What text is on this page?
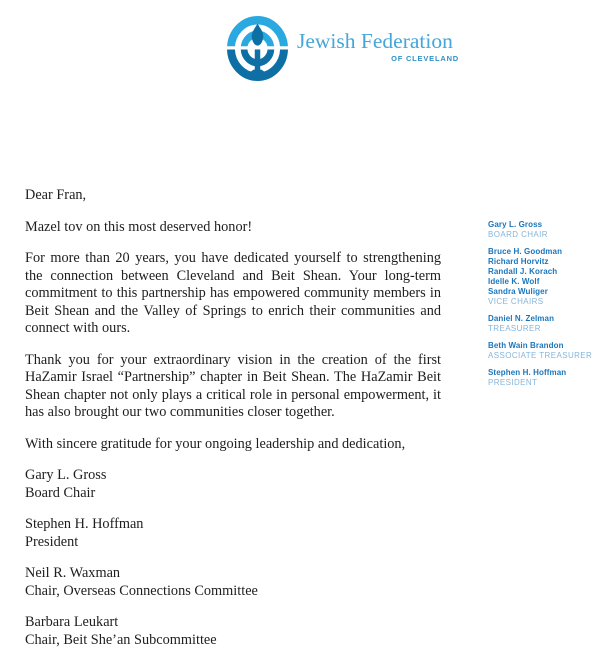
Jewish Federation
OF CLEVELAND

Dear Fran,

Mazel tov on this most deserved honor!

For more than 20 years, you have dedicated yourself to strengthening the connection between Cleveland and Beit Shean. Your long-term commitment to this partnership has empowered community members in Beit Shean and the Valley of Springs to enrich their communities and connect with ours.

Thank you for your extraordinary vision in the creation of the first HaZamir Israel “Partnership” chapter in Beit Shean. The HaZamir Beit Shean chapter not only plays a critical role in personal empowerment, it has also brought our two communities closer together.

With sincere gratitude for your ongoing leadership and dedication,

Gary L. Gross
Board Chair

Stephen H. Hoffman
President

Neil R. Waxman
Chair, Overseas Connections Committee

Barbara Leukart
Chair, Beit She’an Subcommittee

Gary L. Gross
BOARD CHAIR
Bruce H. Goodman
Richard Horvitz
Randall J. Korach
Idelle K. Wolf
Sandra Wuliger
VICE CHAIRS
Daniel N. Zelman
TREASURER
Beth Wain Brandon
ASSOCIATE TREASURER
Stephen H. Hoffman
PRESIDENT
